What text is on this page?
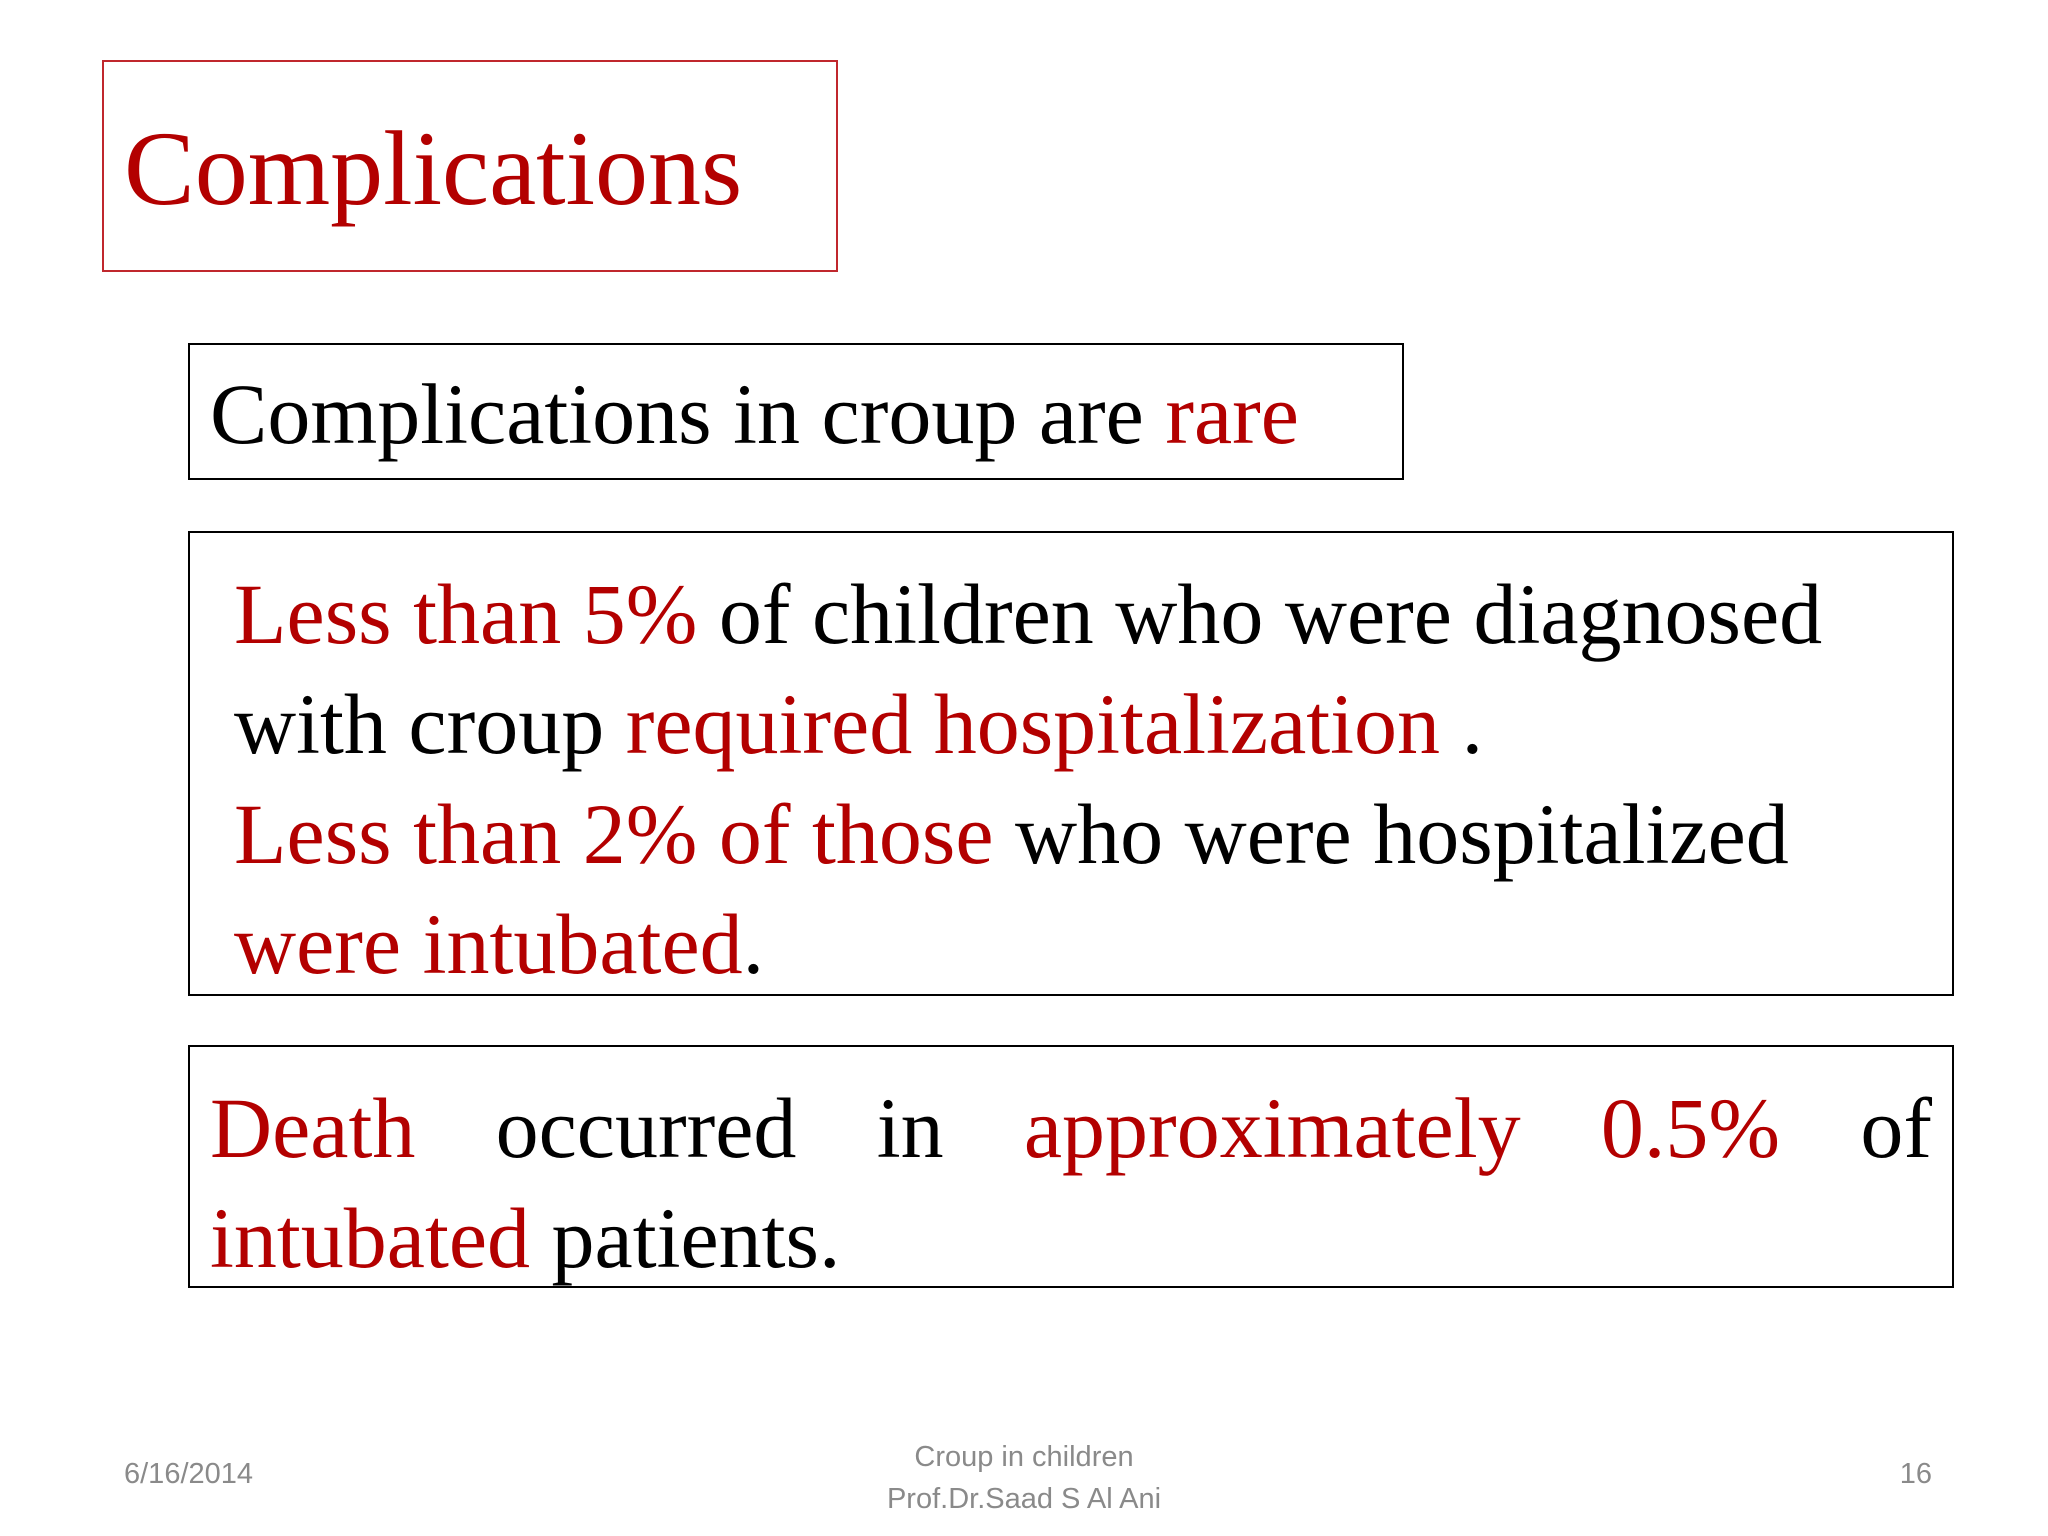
Complications
Complications in croup are rare
Less than 5% of children who were diagnosed
with croup required hospitalization .
Less than 2% of those who were hospitalized
were intubated.
Death occurred in approximately 0.5% of
intubated patients.
6/16/2014
Croup in children
Prof.Dr.Saad S Al Ani
16
